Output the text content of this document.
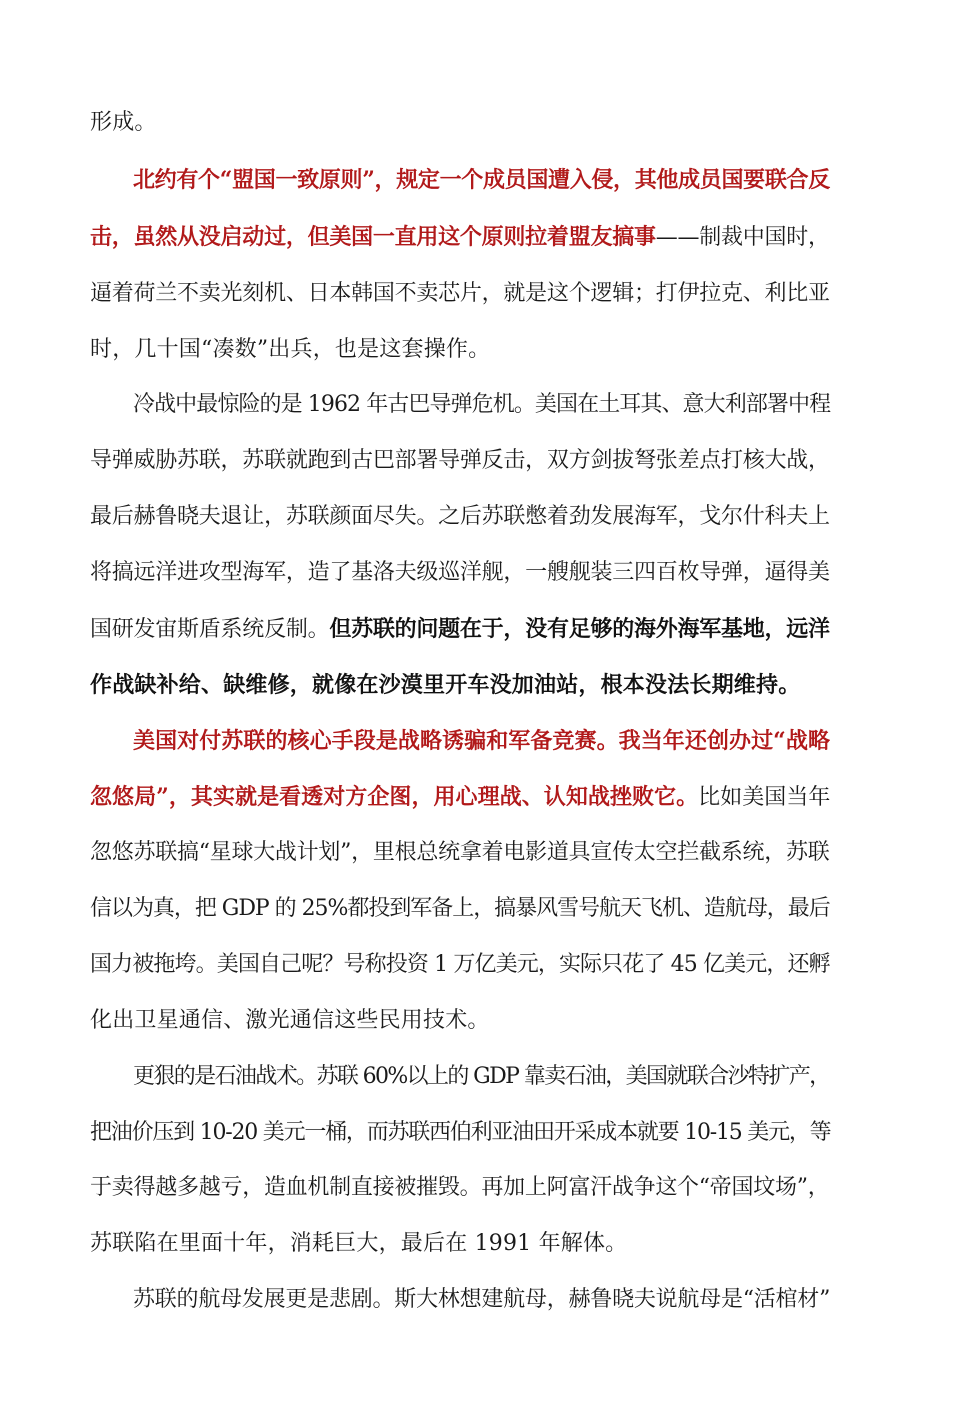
形成。
北约有个“盟国一致原则”，规定一个成员国遭入侵，其他成员国要联合反
击，虽然从没启动过，但美国一直用这个原则拉着盟友搞事——制裁中国时，
逼着荷兰不卖光刻机、日本韩国不卖芯片，就是这个逻辑；打伊拉克、利比亚
时，几十国“凑数”出兵，也是这套操作。
冷战中最惊险的是 1962 年古巴导弹危机。美国在土耳其、意大利部署中程
导弹威胁苏联，苏联就跑到古巴部署导弹反击，双方剑拔弩张差点打核大战，
最后赫鲁晓夫退让，苏联颜面尽失。之后苏联憋着劲发展海军，戈尔什科夫上
将搞远洋进攻型海军，造了基洛夫级巡洋舰，一艘舰装三四百枚导弹，逼得美
国研发宙斯盾系统反制。但苏联的问题在于，没有足够的海外海军基地，远洋
作战缺补给、缺维修，就像在沙漠里开车没加油站，根本没法长期维持。
美国对付苏联的核心手段是战略诱骗和军备竞赛。我当年还创办过“战略
忽悠局”，其实就是看透对方企图，用心理战、认知战挫败它。比如美国当年
忽悠苏联搞“星球大战计划”，里根总统拿着电影道具宣传太空拦截系统，苏联
信以为真，把 GDP 的 25%都投到军备上，搞暴风雪号航天飞机、造航母，最后
国力被拖垮。美国自己呢？号称投资 1 万亿美元，实际只花了 45 亿美元，还孵
化出卫星通信、激光通信这些民用技术。
更狠的是石油战术。苏联 60%以上的 GDP 靠卖石油，美国就联合沙特扩产，
把油价压到 10-20 美元一桶，而苏联西伯利亚油田开采成本就要 10-15 美元，等
于卖得越多越亏，造血机制直接被摧毁。再加上阿富汗战争这个“帝国坟场”，
苏联陷在里面十年，消耗巨大，最后在 1991 年解体。
苏联的航母发展更是悲剧。斯大林想建航母，赫鲁晓夫说航母是“活棺材”
